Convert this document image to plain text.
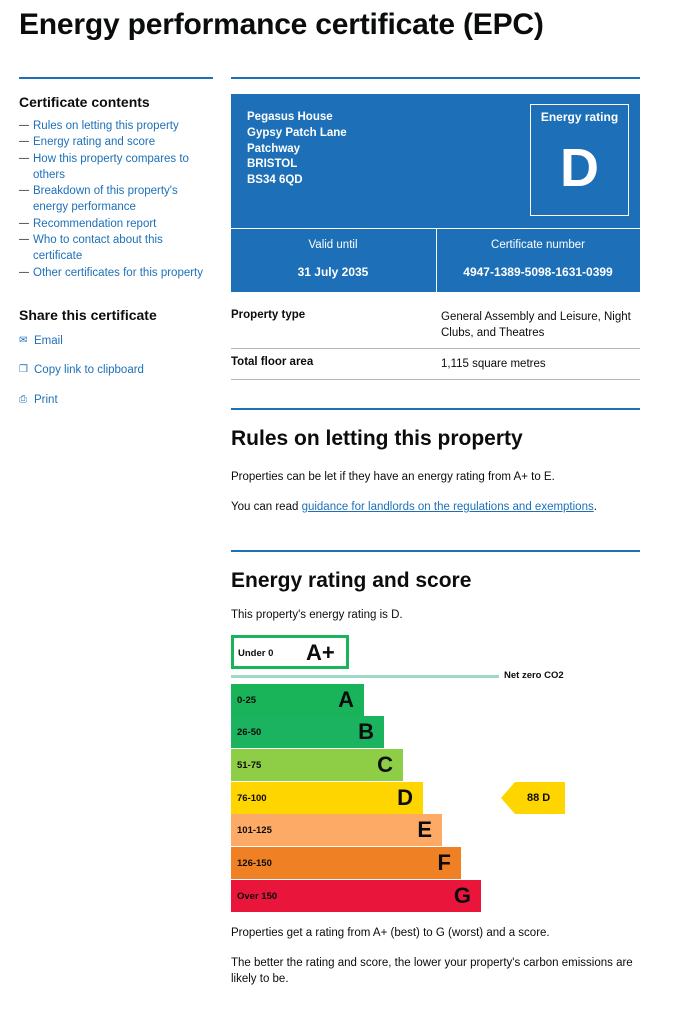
Energy performance certificate (EPC)
Certificate contents
— Rules on letting this property
— Energy rating and score
— How this property compares to others
— Breakdown of this property's energy performance
— Recommendation report
— Who to contact about this certificate
— Other certificates for this property
Share this certificate
✉ Email
❐ Copy link to clipboard
⎙ Print
Pegasus House
Gypsy Patch Lane
Patchway
BRISTOL
BS34 6QD
Energy rating
D
Valid until
31 July 2035
Certificate number
4947-1389-5098-1631-0399
Property type	General Assembly and Leisure, Night Clubs, and Theatres
Total floor area	1,115 square metres
Rules on letting this property

Properties can be let if they have an energy rating from A+ to E.

You can read guidance for landlords on the regulations and exemptions.

Energy rating and score

This property's energy rating is D.

Under 0 A+
Net zero CO2
0-25	A
26-50	B
51-75	C
76-100	D
101-125	E
126-150	F
Over 150	G
88 D

Properties get a rating from A+ (best) to G (worst) and a score.

The better the rating and score, the lower your property's carbon emissions are likely to be.
